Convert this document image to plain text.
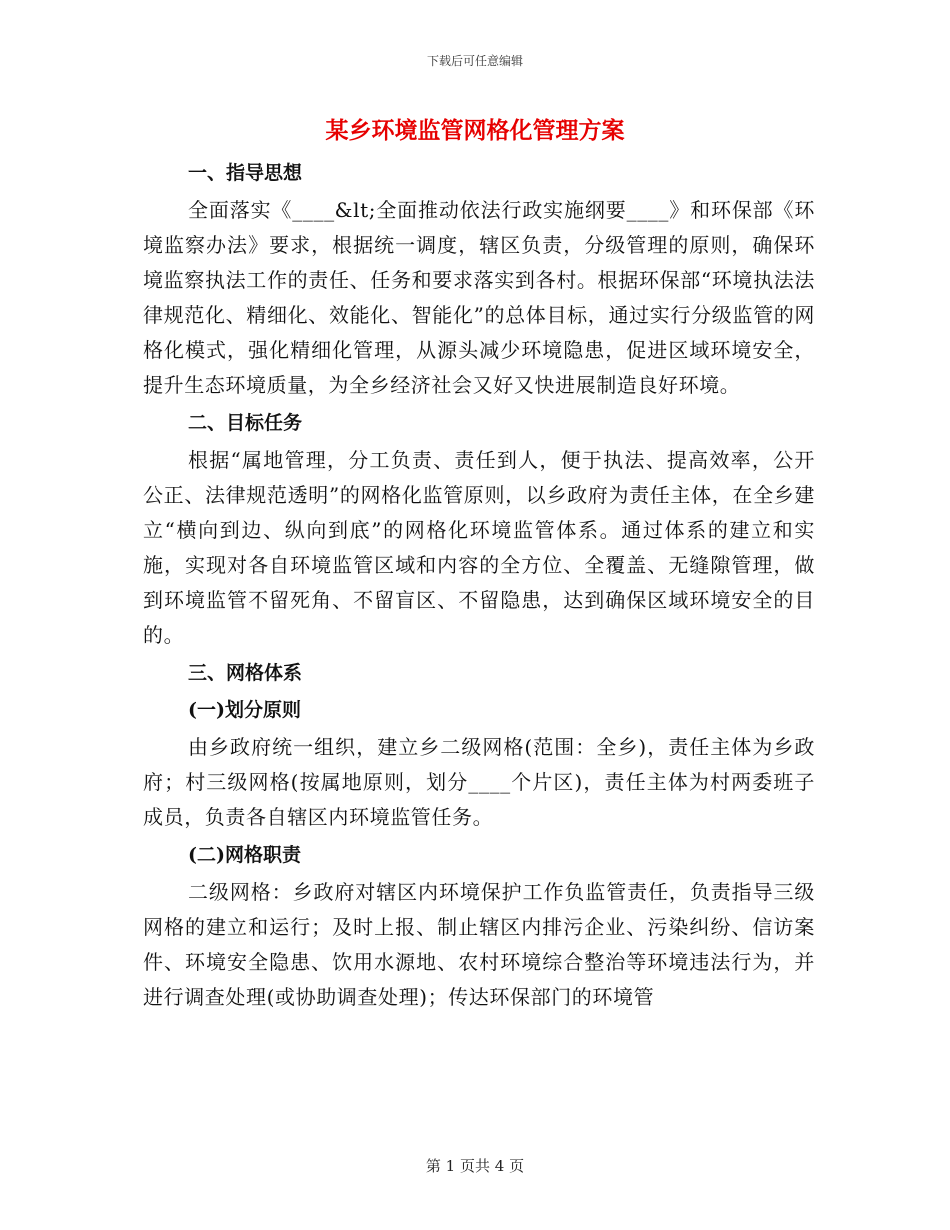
下载后可任意编辑
某乡环境监管网格化管理方案
一、指导思想

全面落实《____&lt;全面推动依法行政实施纲要____》和环保部《环境监察办法》要求，根据统一调度，辖区负责，分级管理的原则，确保环境监察执法工作的责任、任务和要求落实到各村。根据环保部“环境执法法律规范化、精细化、效能化、智能化”的总体目标，通过实行分级监管的网格化模式，强化精细化管理，从源头减少环境隐患，促进区域环境安全，提升生态环境质量，为全乡经济社会又好又快进展制造良好环境。

二、目标任务

根据“属地管理，分工负责、责任到人，便于执法、提高效率，公开公正、法律规范透明”的网格化监管原则，以乡政府为责任主体，在全乡建立“横向到边、纵向到底”的网格化环境监管体系。通过体系的建立和实施，实现对各自环境监管区域和内容的全方位、全覆盖、无缝隙管理，做到环境监管不留死角、不留盲区、不留隐患，达到确保区域环境安全的目的。

三、网格体系
(一)划分原则

由乡政府统一组织，建立乡二级网格(范围：全乡)，责任主体为乡政府；村三级网格(按属地原则，划分____个片区)，责任主体为村两委班子成员，负责各自辖区内环境监管任务。

(二)网格职责

二级网格：乡政府对辖区内环境保护工作负监管责任，负责指导三级网格的建立和运行；及时上报、制止辖区内排污企业、污染纠纷、信访案件、环境安全隐患、饮用水源地、农村环境综合整治等环境违法行为，并进行调查处理(或协助调查处理)；传达环保部门的环境管

第 1 页共 4 页
